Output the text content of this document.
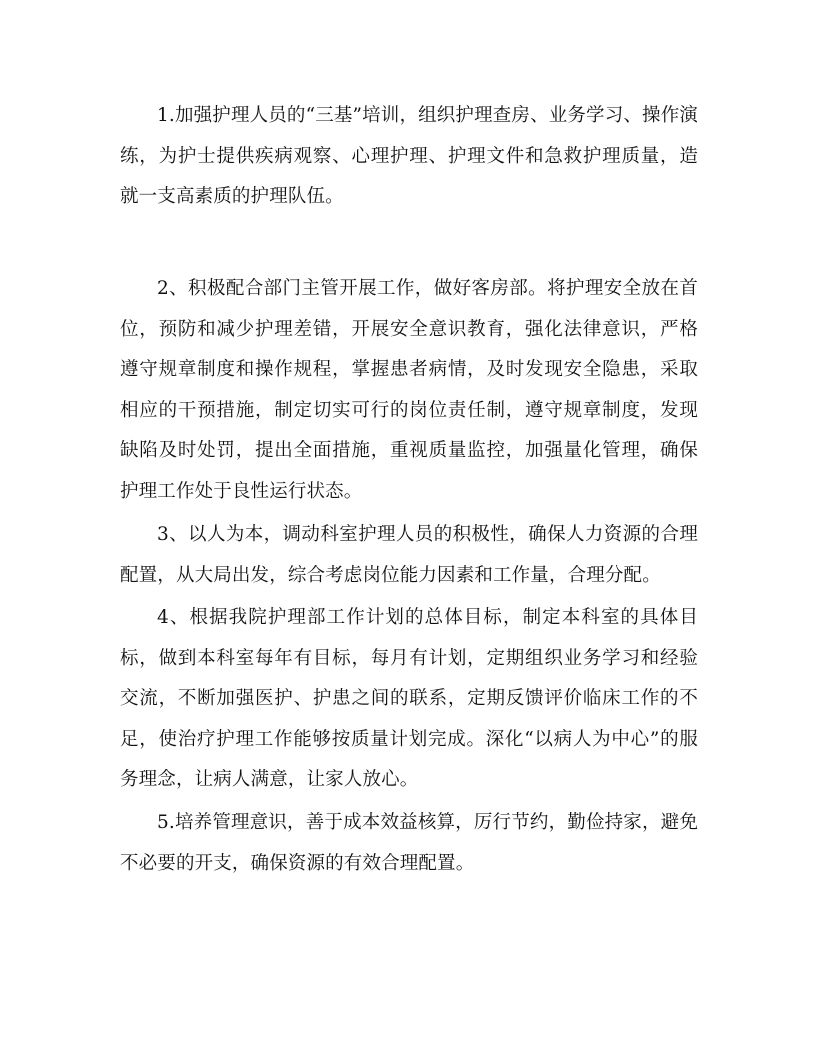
1.加强护理人员的“三基”培训，组织护理查房、业务学习、操作演练，为护士提供疾病观察、心理护理、护理文件和急救护理质量，造就一支高素质的护理队伍。

2、积极配合部门主管开展工作，做好客房部。将护理安全放在首位，预防和减少护理差错，开展安全意识教育，强化法律意识，严格遵守规章制度和操作规程，掌握患者病情，及时发现安全隐患，采取相应的干预措施，制定切实可行的岗位责任制，遵守规章制度，发现缺陷及时处罚，提出全面措施，重视质量监控，加强量化管理，确保护理工作处于良性运行状态。

3、以人为本，调动科室护理人员的积极性，确保人力资源的合理配置，从大局出发，综合考虑岗位能力因素和工作量，合理分配。

4、根据我院护理部工作计划的总体目标，制定本科室的具体目标，做到本科室每年有目标，每月有计划，定期组织业务学习和经验交流，不断加强医护、护患之间的联系，定期反馈评价临床工作的不足，使治疗护理工作能够按质量计划完成。深化“以病人为中心”的服务理念，让病人满意，让家人放心。

5.培养管理意识，善于成本效益核算，厉行节约，勤俭持家，避免不必要的开支，确保资源的有效合理配置。
